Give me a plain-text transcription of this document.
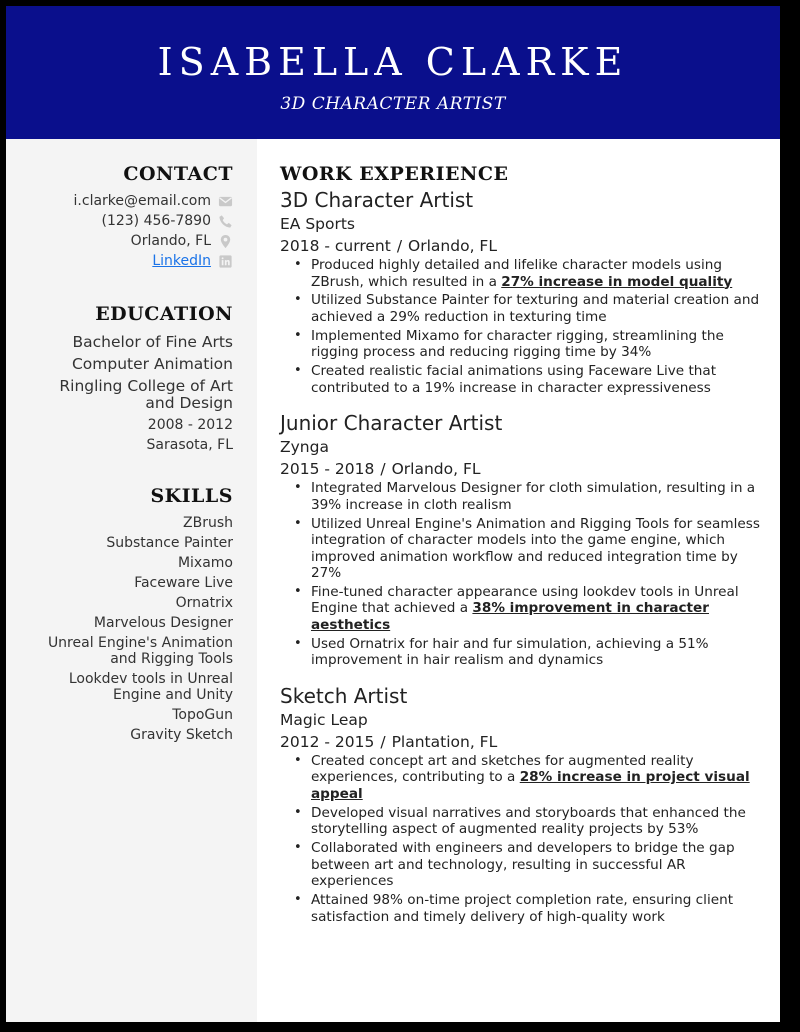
ISABELLA CLARKE
3D CHARACTER ARTIST
CONTACT
i.clarke@email.com
(123) 456-7890
Orlando, FL
LinkedIn
EDUCATION
Bachelor of Fine Arts
Computer Animation
Ringling College of Art and Design
2008 - 2012
Sarasota, FL
SKILLS
ZBrush
Substance Painter
Mixamo
Faceware Live
Ornatrix
Marvelous Designer
Unreal Engine's Animation and Rigging Tools
Lookdev tools in Unreal Engine and Unity
TopoGun
Gravity Sketch
WORK EXPERIENCE
3D Character Artist
EA Sports
2018 - current / Orlando, FL
• Produced highly detailed and lifelike character models using ZBrush, which resulted in a 27% increase in model quality
• Utilized Substance Painter for texturing and material creation and achieved a 29% reduction in texturing time
• Implemented Mixamo for character rigging, streamlining the rigging process and reducing rigging time by 34%
• Created realistic facial animations using Faceware Live that contributed to a 19% increase in character expressiveness
Junior Character Artist
Zynga
2015 - 2018 / Orlando, FL
• Integrated Marvelous Designer for cloth simulation, resulting in a 39% increase in cloth realism
• Utilized Unreal Engine's Animation and Rigging Tools for seamless integration of character models into the game engine, which improved animation workflow and reduced integration time by 27%
• Fine-tuned character appearance using lookdev tools in Unreal Engine that achieved a 38% improvement in character aesthetics
• Used Ornatrix for hair and fur simulation, achieving a 51% improvement in hair realism and dynamics
Sketch Artist
Magic Leap
2012 - 2015 / Plantation, FL
• Created concept art and sketches for augmented reality experiences, contributing to a 28% increase in project visual appeal
• Developed visual narratives and storyboards that enhanced the storytelling aspect of augmented reality projects by 53%
• Collaborated with engineers and developers to bridge the gap between art and technology, resulting in successful AR experiences
• Attained 98% on-time project completion rate, ensuring client satisfaction and timely delivery of high-quality work
